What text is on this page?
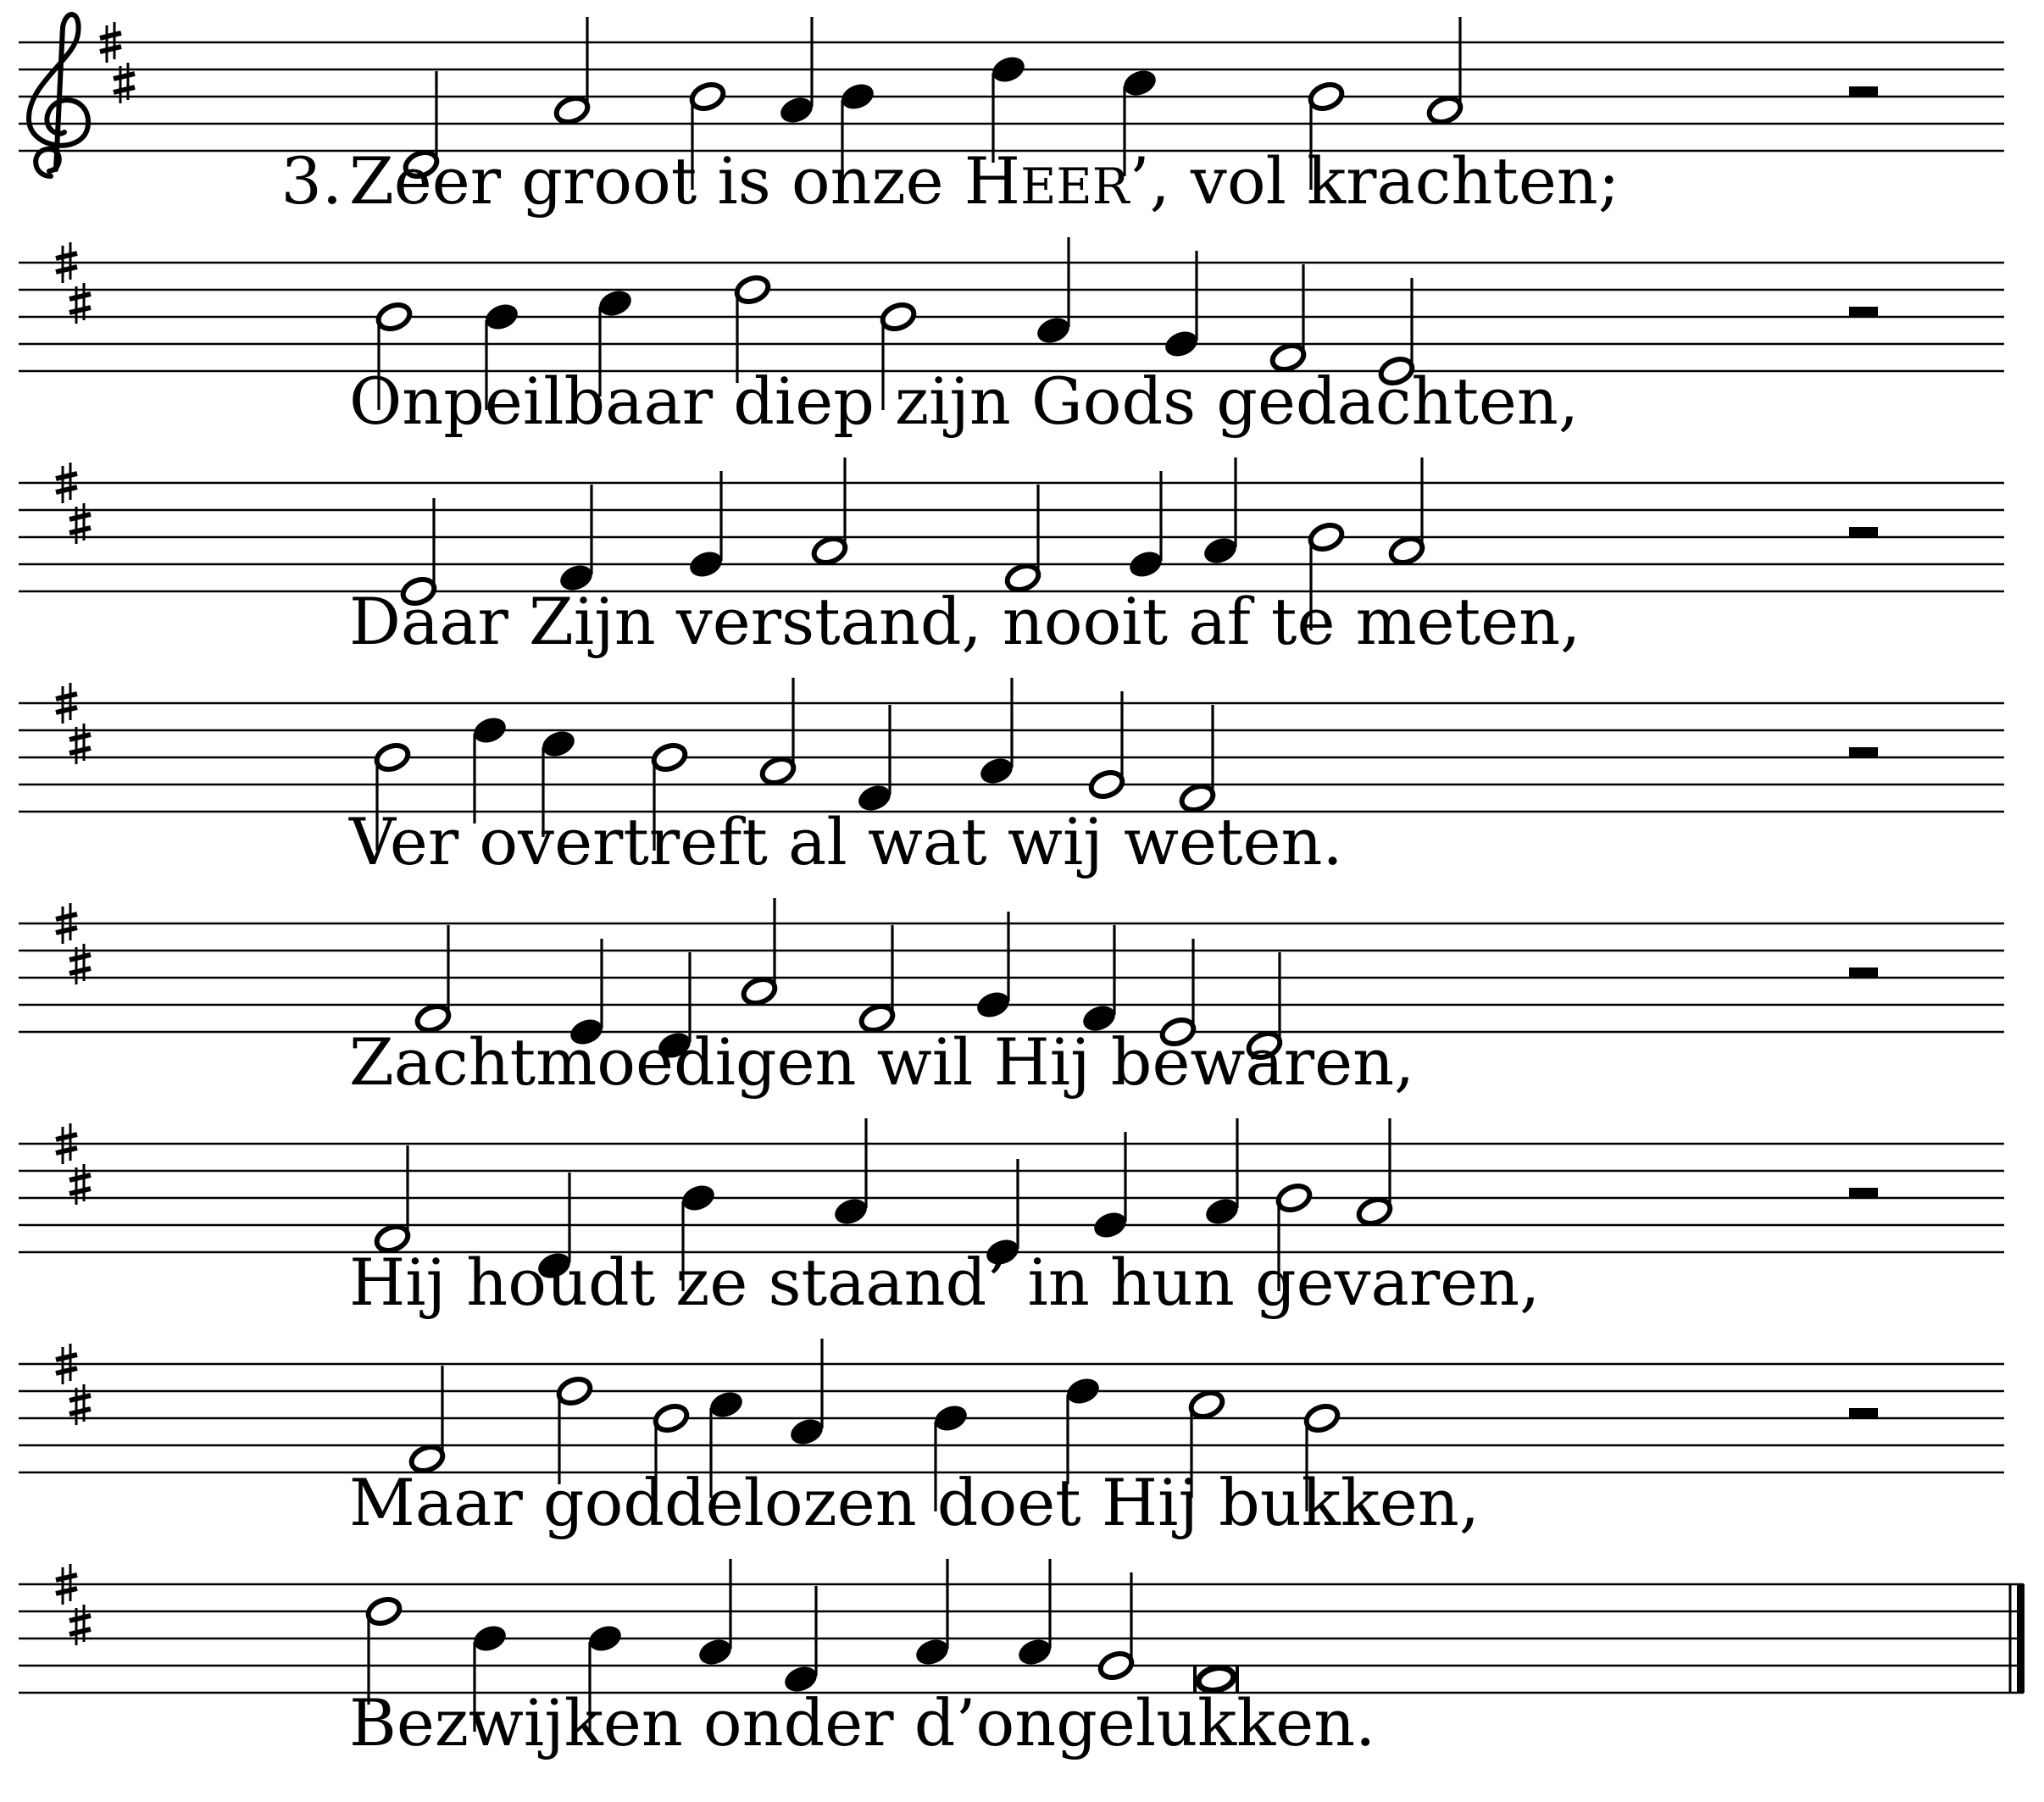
3. Zeer groot is onze HEER’, vol krachten;
Onpeilbaar diep zijn Gods gedachten,
Daar Zijn verstand, nooit af te meten,
Ver overtreft al wat wij weten.
Zachtmoedigen wil Hij bewaren,
Hij houdt ze staand’ in hun gevaren,
Maar goddelozen doet Hij bukken,
Bezwijken onder d’ongelukken.
